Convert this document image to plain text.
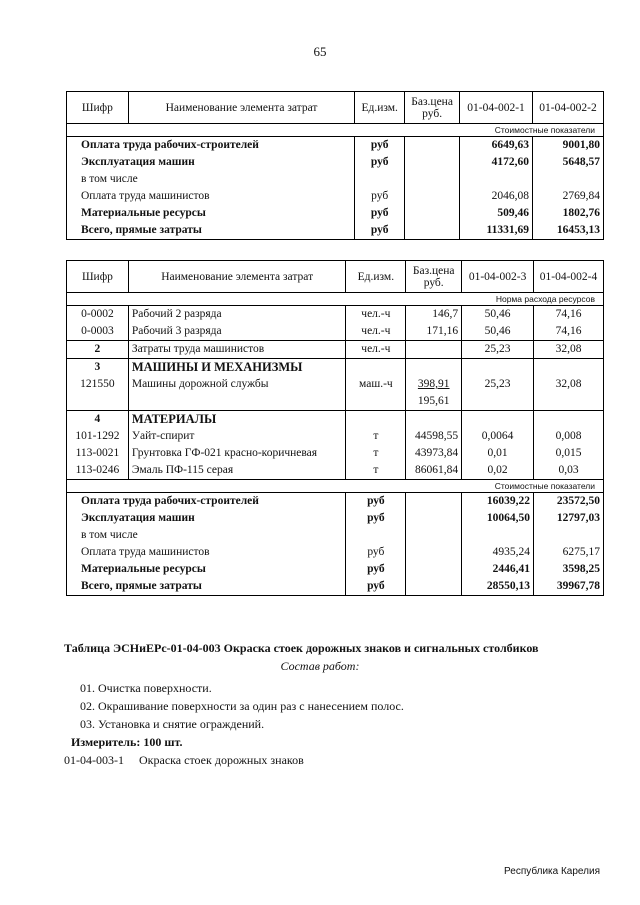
65
Шифр	Наименование элемента затрат	Ед.изм.	Баз.цена руб.	01-04-002-1	01-04-002-2
Стоимостные показатели					
Оплата труда рабочих-строителей		руб		6649,63	9001,80
Эксплуатация машин		руб		4172,60	5648,57
в том числе					
Оплата труда машинистов		руб		2046,08	2769,84
Материальные ресурсы		руб		509,46	1802,76
Всего, прямые затраты		руб		11331,69	16453,13
Шифр	Наименование элемента затрат	Ед.изм.	Баз.цена руб.	01-04-002-3	01-04-002-4
Норма расхода ресурсов					
0-0002	Рабочий 2 разряда	чел.-ч	146,7	50,46	74,16
0-0003	Рабочий 3 разряда	чел.-ч	171,16	50,46	74,16
2	Затраты труда машинистов	чел.-ч		25,23	32,08
3	МАШИНЫ И МЕХАНИЗМЫ				
121550	Машины дорожной службы	маш.-ч	398,91	25,23	32,08
			195,61		
4	МАТЕРИАЛЫ				
101-1292	Уайт-спирит	т	44598,55	0,0064	0,008
113-0021	Грунтовка ГФ-021 красно-коричневая	т	43973,84	0,01	0,015
113-0246	Эмаль ПФ-115 серая	т	86061,84	0,02	0,03
Стоимостные показатели					
Оплата труда рабочих-строителей		руб		16039,22	23572,50
Эксплуатация машин		руб		10064,50	12797,03
в том числе					
Оплата труда машинистов		руб		4935,24	6275,17
Материальные ресурсы		руб		2446,41	3598,25
Всего, прямые затраты		руб		28550,13	39967,78
Таблица ЭСНиЕРс-01-04-003 Окраска стоек дорожных знаков и сигнальных столбиков
Состав работ:
01. Очистка поверхности.
02. Окрашивание поверхности за один раз с нанесением полос.
03. Установка и снятие ограждений.
Измеритель: 100 шт.
01-04-003-1 Окраска стоек дорожных знаков
Республика Карелия
